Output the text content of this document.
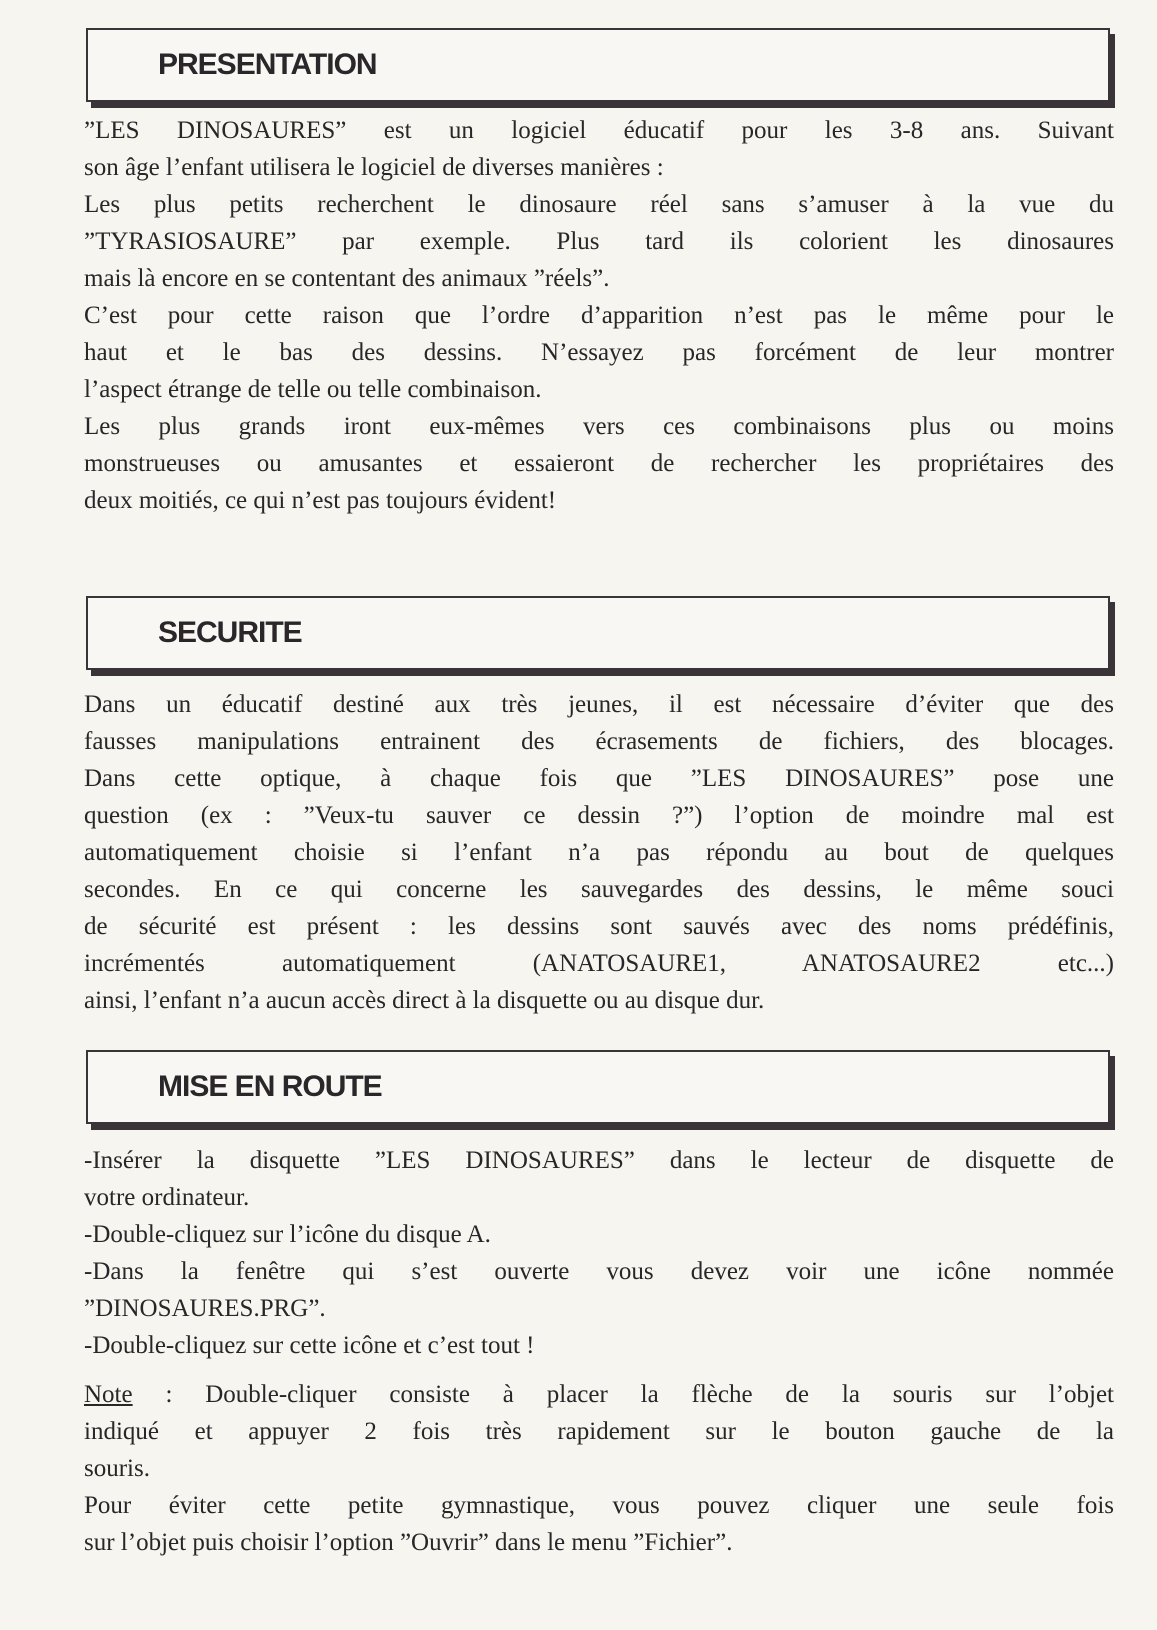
PRESENTATION
”LES DINOSAURES” est un logiciel éducatif pour les 3-8 ans. Suivant
son âge l’enfant utilisera le logiciel de diverses manières :
Les plus petits recherchent le dinosaure réel sans s’amuser à la vue du
”TYRASIOSAURE” par exemple. Plus tard ils colorient les dinosaures
mais là encore en se contentant des animaux ”réels”.
C’est pour cette raison que l’ordre d’apparition n’est pas le même pour le
haut et le bas des dessins. N’essayez pas forcément de leur montrer
l’aspect étrange de telle ou telle combinaison.
Les plus grands iront eux-mêmes vers ces combinaisons plus ou moins
monstrueuses ou amusantes et essaieront de rechercher les propriétaires des
deux moitiés, ce qui n’est pas toujours évident!
SECURITE
Dans un éducatif destiné aux très jeunes, il est nécessaire d’éviter que des
fausses manipulations entrainent des écrasements de fichiers, des blocages.
Dans cette optique, à chaque fois que ”LES DINOSAURES” pose une
question (ex : ”Veux-tu sauver ce dessin ?”) l’option de moindre mal est
automatiquement choisie si l’enfant n’a pas répondu au bout de quelques
secondes. En ce qui concerne les sauvegardes des dessins, le même souci
de sécurité est présent : les dessins sont sauvés avec des noms prédéfinis,
incrémentés automatiquement (ANATOSAURE1, ANATOSAURE2 etc...)
ainsi, l’enfant n’a aucun accès direct à la disquette ou au disque dur.
MISE EN ROUTE
-Insérer la disquette ”LES DINOSAURES” dans le lecteur de disquette de
votre ordinateur.
-Double-cliquez sur l’icône du disque A.
-Dans la fenêtre qui s’est ouverte vous devez voir une icône nommée
”DINOSAURES.PRG”.
-Double-cliquez sur cette icône et c’est tout !
Note : Double-cliquer consiste à placer la flèche de la souris sur l’objet
indiqué et appuyer 2 fois très rapidement sur le bouton gauche de la
souris.
Pour éviter cette petite gymnastique, vous pouvez cliquer une seule fois
sur l’objet puis choisir l’option ”Ouvrir” dans le menu ”Fichier”.
